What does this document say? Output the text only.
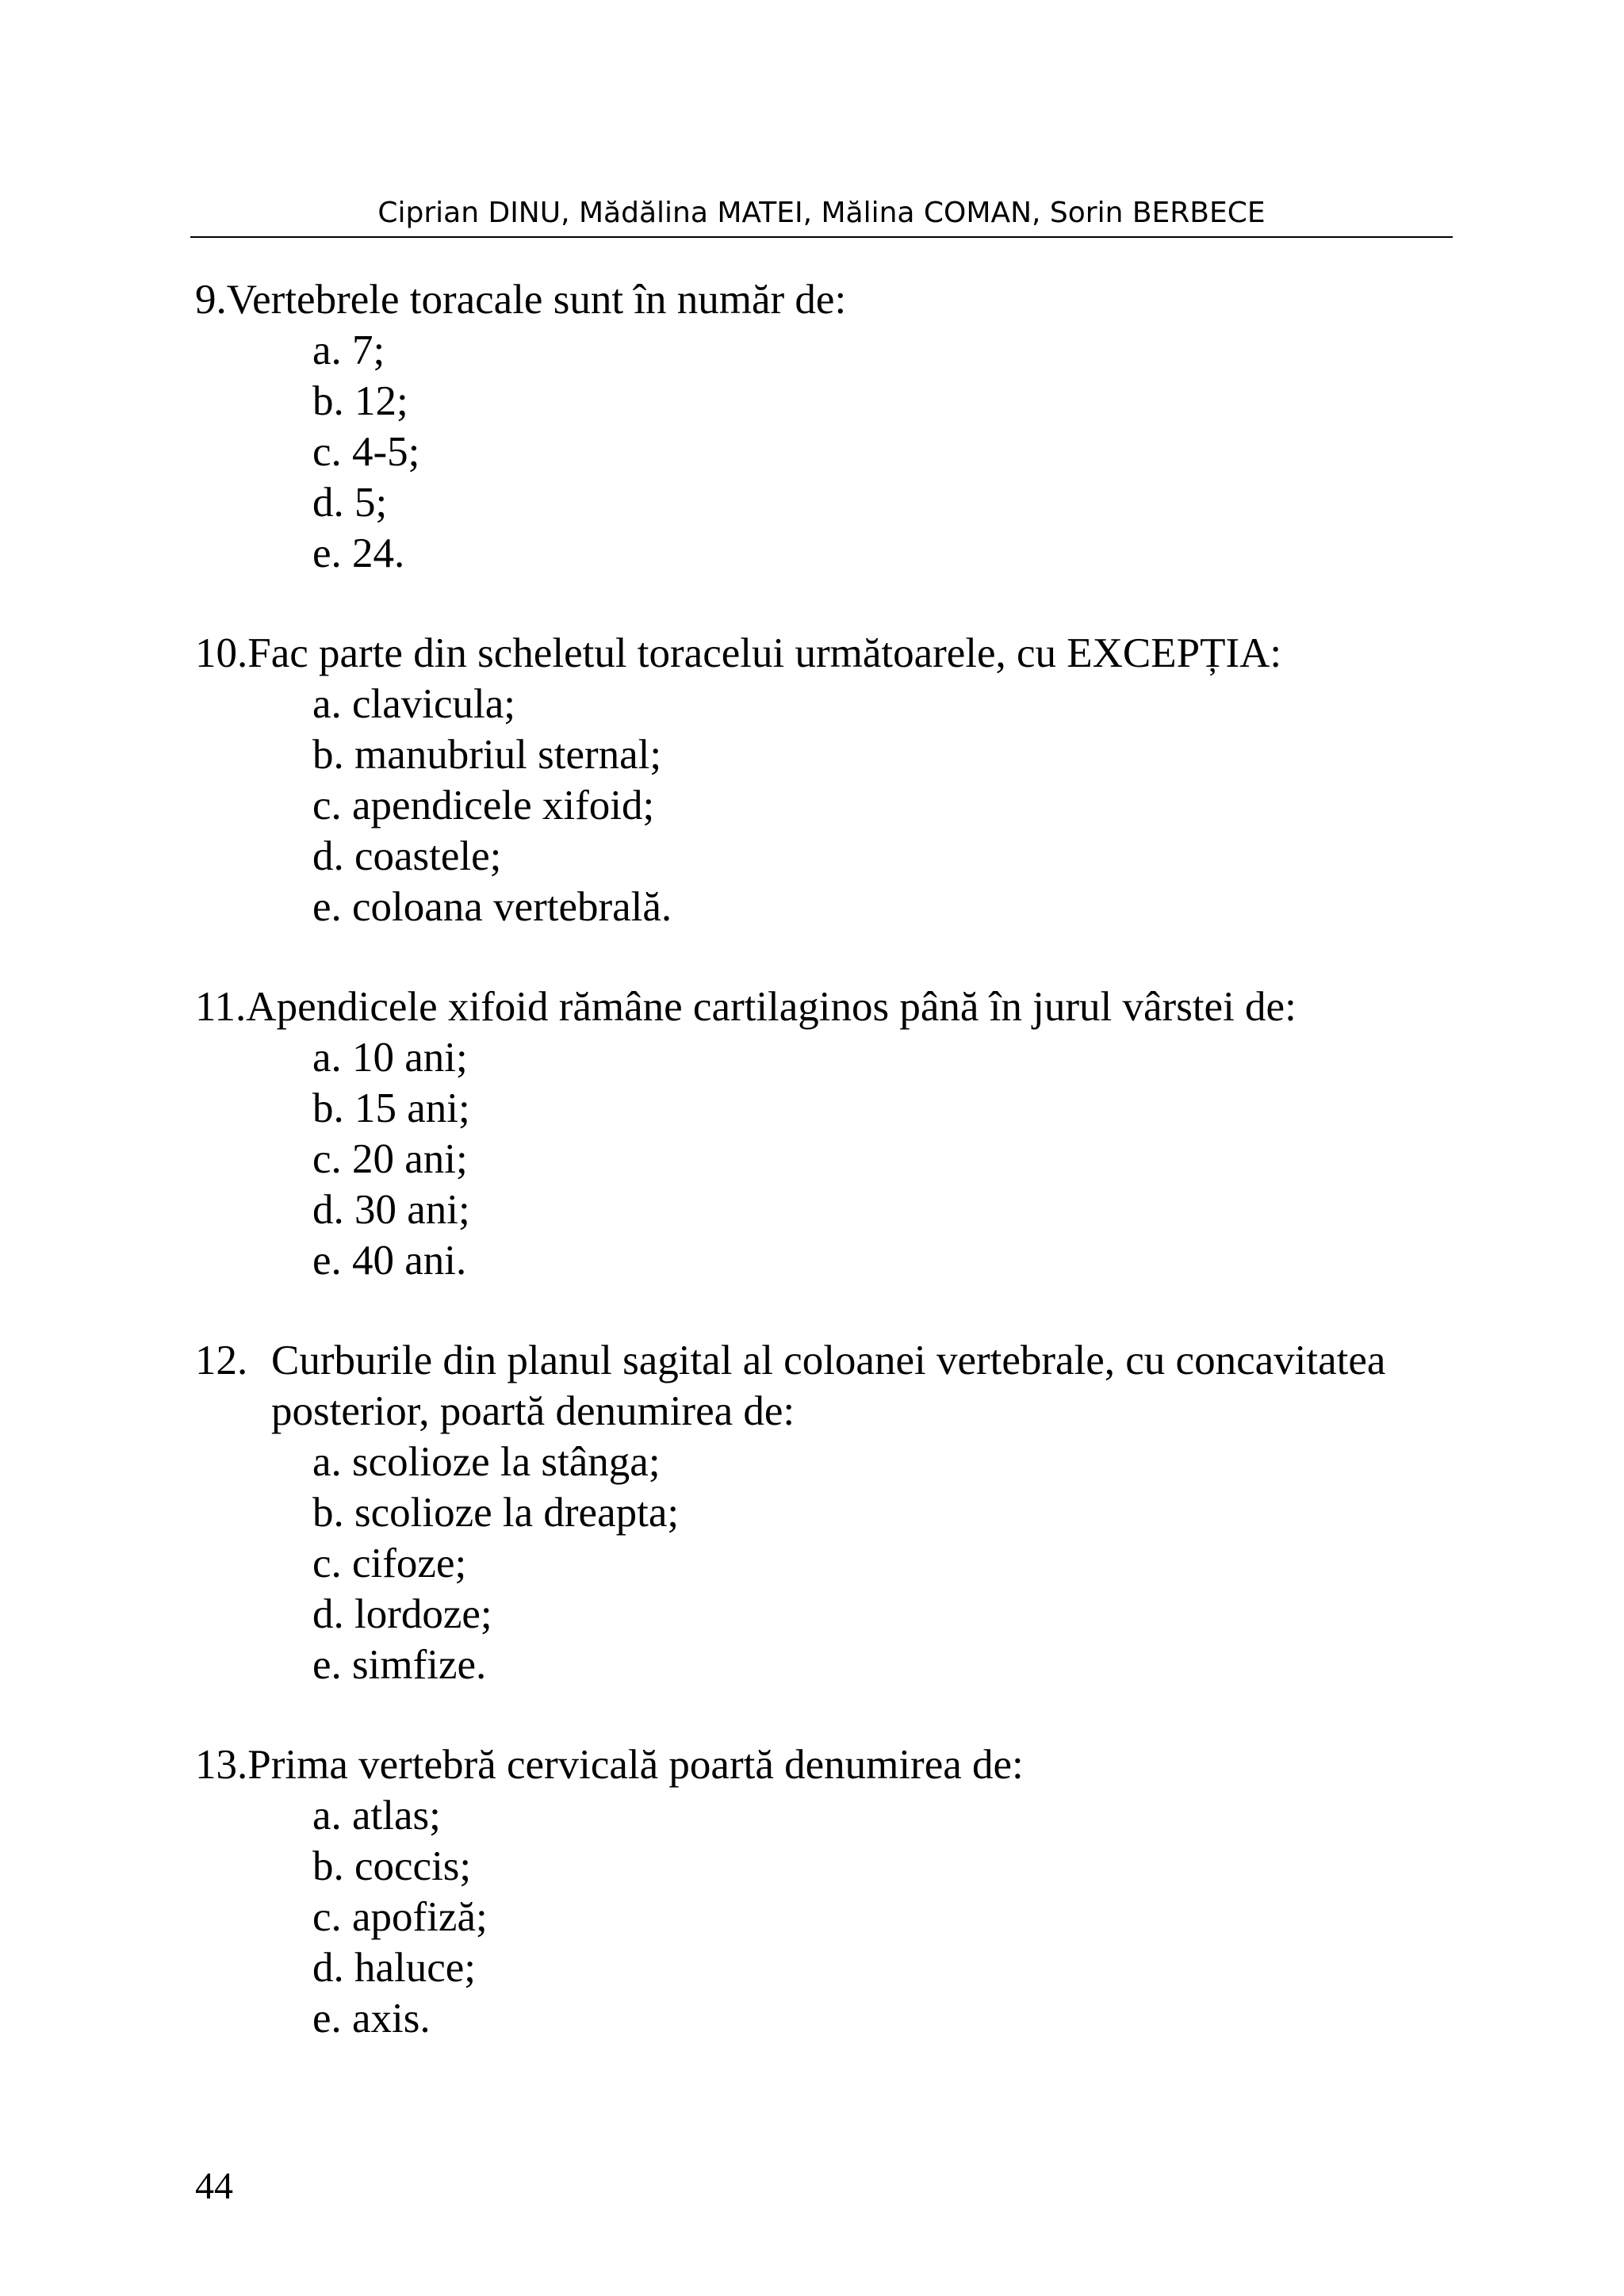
Ciprian DINU, Mădălina MATEI, Mălina COMAN, Sorin BERBECE
9. Vertebrele toracale sunt în număr de:
a. 7;
b. 12;
c. 4-5;
d. 5;
e. 24.
10. Fac parte din scheletul toracelui următoarele, cu EXCEPȚIA:
a. clavicula;
b. manubriul sternal;
c. apendicele xifoid;
d. coastele;
e. coloana vertebrală.
11. Apendicele xifoid rămâne cartilaginos până în jurul vârstei de:
a. 10 ani;
b. 15 ani;
c. 20 ani;
d. 30 ani;
e. 40 ani.
12. Curburile din planul sagital al coloanei vertebrale, cu concavitatea posterior, poartă denumirea de:
a. scolioze la stânga;
b. scolioze la dreapta;
c. cifoze;
d. lordoze;
e. simfize.
13. Prima vertebră cervicală poartă denumirea de:
a. atlas;
b. coccis;
c. apofiză;
d. haluce;
e. axis.
44
